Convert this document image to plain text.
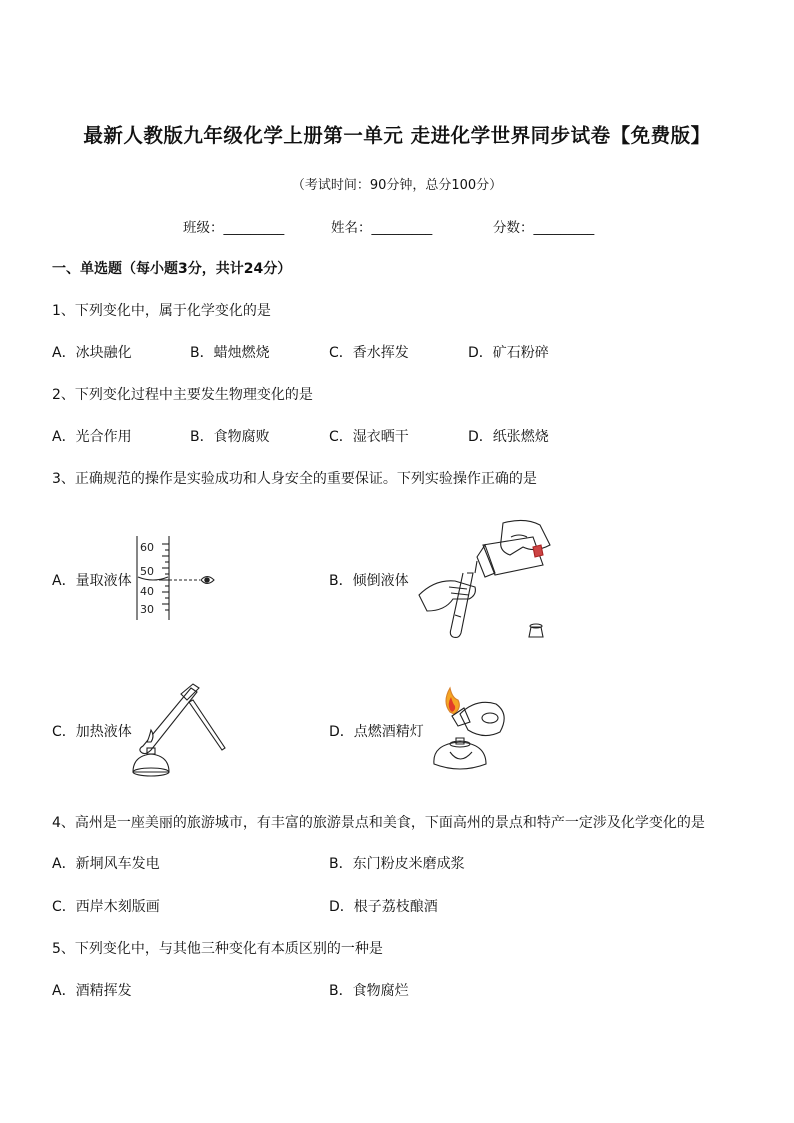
最新人教版九年级化学上册第一单元 走进化学世界同步试卷【免费版】
（考试时间：90分钟，总分100分）
班级：_________	姓名：_________	分数：_________
一、单选题（每小题3分，共计24分）
1、下列变化中，属于化学变化的是
A．冰块融化	B．蜡烛燃烧	C．香水挥发	D．矿石粉碎
2、下列变化过程中主要发生物理变化的是
A．光合作用	B．食物腐败	C．湿衣晒干	D．纸张燃烧
3、正确规范的操作是实验成功和人身安全的重要保证。下列实验操作正确的是
A．量取液体	B．倾倒液体
C．加热液体	D．点燃酒精灯
60
50
40
30
4、高州是一座美丽的旅游城市，有丰富的旅游景点和美食，下面高州的景点和特产一定涉及化学变化的是
A．新垌风车发电	B．东门粉皮米磨成浆
C．西岸木刻版画	D．根子荔枝酿酒
5、下列变化中，与其他三种变化有本质区别的一种是
A．酒精挥发	B．食物腐烂
